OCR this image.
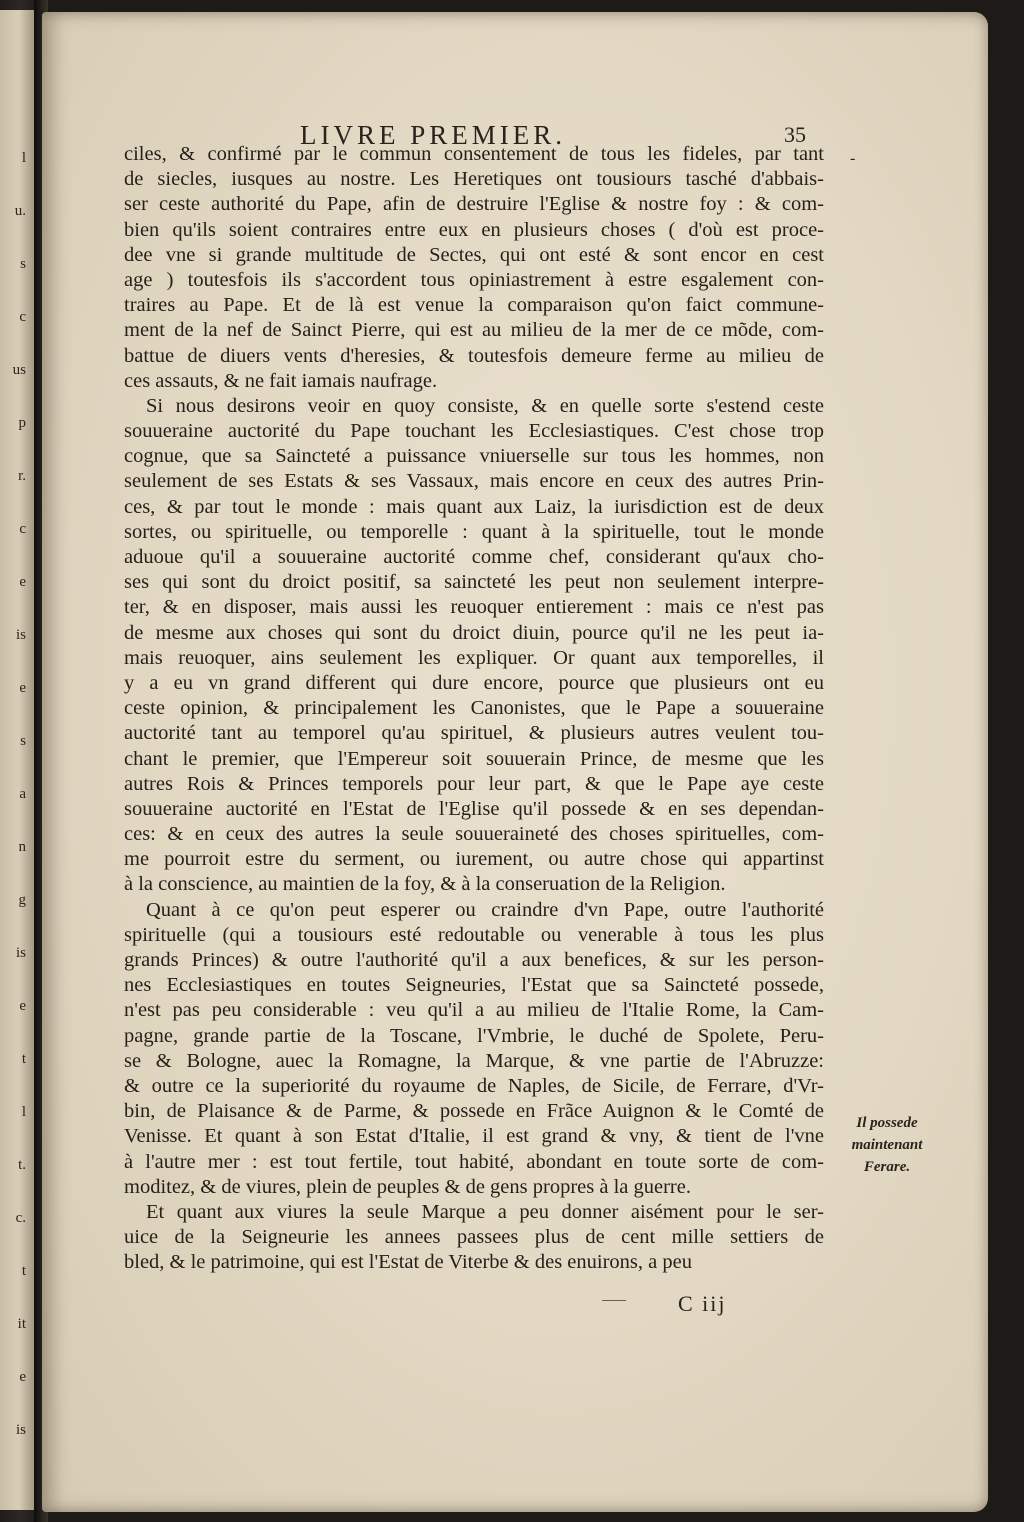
l
u.
s
c
us
p
r.
c
e
is
e
s
a
n
g
is
e
t
l
t.
c.
t
it
e
is
LIVRE PREMIER.	35
-
ciles, & confirmé par le commun consentement de tous les fideles, par tant
de siecles, iusques au nostre. Les Heretiques ont tousiours tasché d'abbais-
ser ceste authorité du Pape, afin de destruire l'Eglise & nostre foy : & com-
bien qu'ils soient contraires entre eux en plusieurs choses ( d'où est proce-
dee vne si grande multitude de Sectes, qui ont esté & sont encor en cest
age ) toutesfois ils s'accordent tous opiniastrement à estre esgalement con-
traires au Pape. Et de là est venue la comparaison qu'on faict commune-
ment de la nef de Sainct Pierre, qui est au milieu de la mer de ce mõde, com-
battue de diuers vents d'heresies, & toutesfois demeure ferme au milieu de
ces assauts, & ne fait iamais naufrage.
Si nous desirons veoir en quoy consiste, & en quelle sorte s'estend ceste
souueraine auctorité du Pape touchant les Ecclesiastiques. C'est chose trop
cognue, que sa Saincteté a puissance vniuerselle sur tous les hommes, non
seulement de ses Estats & ses Vassaux, mais encore en ceux des autres Prin-
ces, & par tout le monde : mais quant aux Laiz, la iurisdiction est de deux
sortes, ou spirituelle, ou temporelle : quant à la spirituelle, tout le monde
aduoue qu'il a souueraine auctorité comme chef, considerant qu'aux cho-
ses qui sont du droict positif, sa saincteté les peut non seulement interpre-
ter, & en disposer, mais aussi les reuoquer entierement : mais ce n'est pas
de mesme aux choses qui sont du droict diuin, pource qu'il ne les peut ia-
mais reuoquer, ains seulement les expliquer. Or quant aux temporelles, il
y a eu vn grand different qui dure encore, pource que plusieurs ont eu
ceste opinion, & principalement les Canonistes, que le Pape a souueraine
auctorité tant au temporel qu'au spirituel, & plusieurs autres veulent tou-
chant le premier, que l'Empereur soit souuerain Prince, de mesme que les
autres Rois & Princes temporels pour leur part, & que le Pape aye ceste
souueraine auctorité en l'Estat de l'Eglise qu'il possede & en ses dependan-
ces: & en ceux des autres la seule souueraineté des choses spirituelles, com-
me pourroit estre du serment, ou iurement, ou autre chose qui appartinst
à la conscience, au maintien de la foy, & à la conseruation de la Religion.
Quant à ce qu'on peut esperer ou craindre d'vn Pape, outre l'authorité
spirituelle (qui a tousiours esté redoutable ou venerable à tous les plus
grands Princes) & outre l'authorité qu'il a aux benefices, & sur les person-
nes Ecclesiastiques en toutes Seigneuries, l'Estat que sa Saincteté possede,
n'est pas peu considerable : veu qu'il a au milieu de l'Italie Rome, la Cam-
pagne, grande partie de la Toscane, l'Vmbrie, le duché de Spolete, Peru-
se & Bologne, auec la Romagne, la Marque, & vne partie de l'Abruzze:
& outre ce la superiorité du royaume de Naples, de Sicile, de Ferrare, d'Vr-
bin, de Plaisance & de Parme, & possede en Frãce Auignon & le Comté de
Venisse. Et quant à son Estat d'Italie, il est grand & vny, & tient de l'vne
à l'autre mer : est tout fertile, tout habité, abondant en toute sorte de com-
moditez, & de viures, plein de peuples & de gens propres à la guerre.
Et quant aux viures la seule Marque a peu donner aisément pour le ser-
uice de la Seigneurie les annees passees plus de cent mille settiers de
bled, & le patrimoine, qui est l'Estat de Viterbe & des enuirons, a peu
Il possede
maintenant
Ferare.
C iij
